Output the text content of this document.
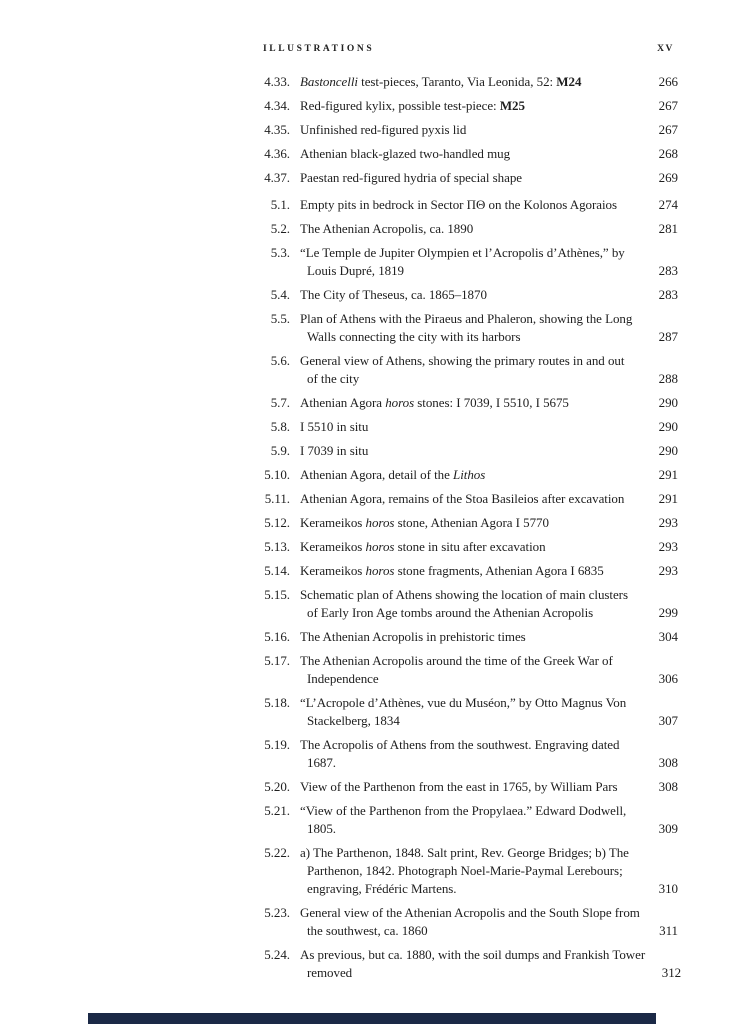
ILLUSTRATIONS	XV
4.33. Bastoncelli test-pieces, Taranto, Via Leonida, 52: M24	266
4.34. Red-figured kylix, possible test-piece: M25	267
4.35. Unfinished red-figured pyxis lid	267
4.36. Athenian black-glazed two-handled mug	268
4.37. Paestan red-figured hydria of special shape	269
5.1. Empty pits in bedrock in Sector ΠΘ on the Kolonos Agoraios	274
5.2. The Athenian Acropolis, ca. 1890	281
5.3. “Le Temple de Jupiter Olympien et l’Acropolis d’Athènes,” by
Louis Dupré, 1819	283
5.4. The City of Theseus, ca. 1865–1870	283
5.5. Plan of Athens with the Piraeus and Phaleron, showing the Long
Walls connecting the city with its harbors	287
5.6. General view of Athens, showing the primary routes in and out
of the city	288
5.7. Athenian Agora horos stones: I 7039, I 5510, I 5675	290
5.8. I 5510 in situ	290
5.9. I 7039 in situ	290
5.10. Athenian Agora, detail of the Lithos	291
5.11. Athenian Agora, remains of the Stoa Basileios after excavation	291
5.12. Kerameikos horos stone, Athenian Agora I 5770	293
5.13. Kerameikos horos stone in situ after excavation	293
5.14. Kerameikos horos stone fragments, Athenian Agora I 6835	293
5.15. Schematic plan of Athens showing the location of main clusters
of Early Iron Age tombs around the Athenian Acropolis	299
5.16. The Athenian Acropolis in prehistoric times	304
5.17. The Athenian Acropolis around the time of the Greek War of
Independence	306
5.18. “L’Acropole d’Athènes, vue du Muséon,” by Otto Magnus Von
Stackelberg, 1834	307
5.19. The Acropolis of Athens from the southwest. Engraving dated
1687.	308
5.20. View of the Parthenon from the east in 1765, by William Pars	308
5.21. “View of the Parthenon from the Propylaea.” Edward Dodwell,
1805.	309
5.22. a) The Parthenon, 1848. Salt print, Rev. George Bridges; b) The
Parthenon, 1842. Photograph Noel-Marie-Paymal Lerebours;
engraving, Frédéric Martens.	310
5.23. General view of the Athenian Acropolis and the South Slope from
the southwest, ca. 1860	311
5.24. As previous, but ca. 1880, with the soil dumps and Frankish Tower
removed	312
